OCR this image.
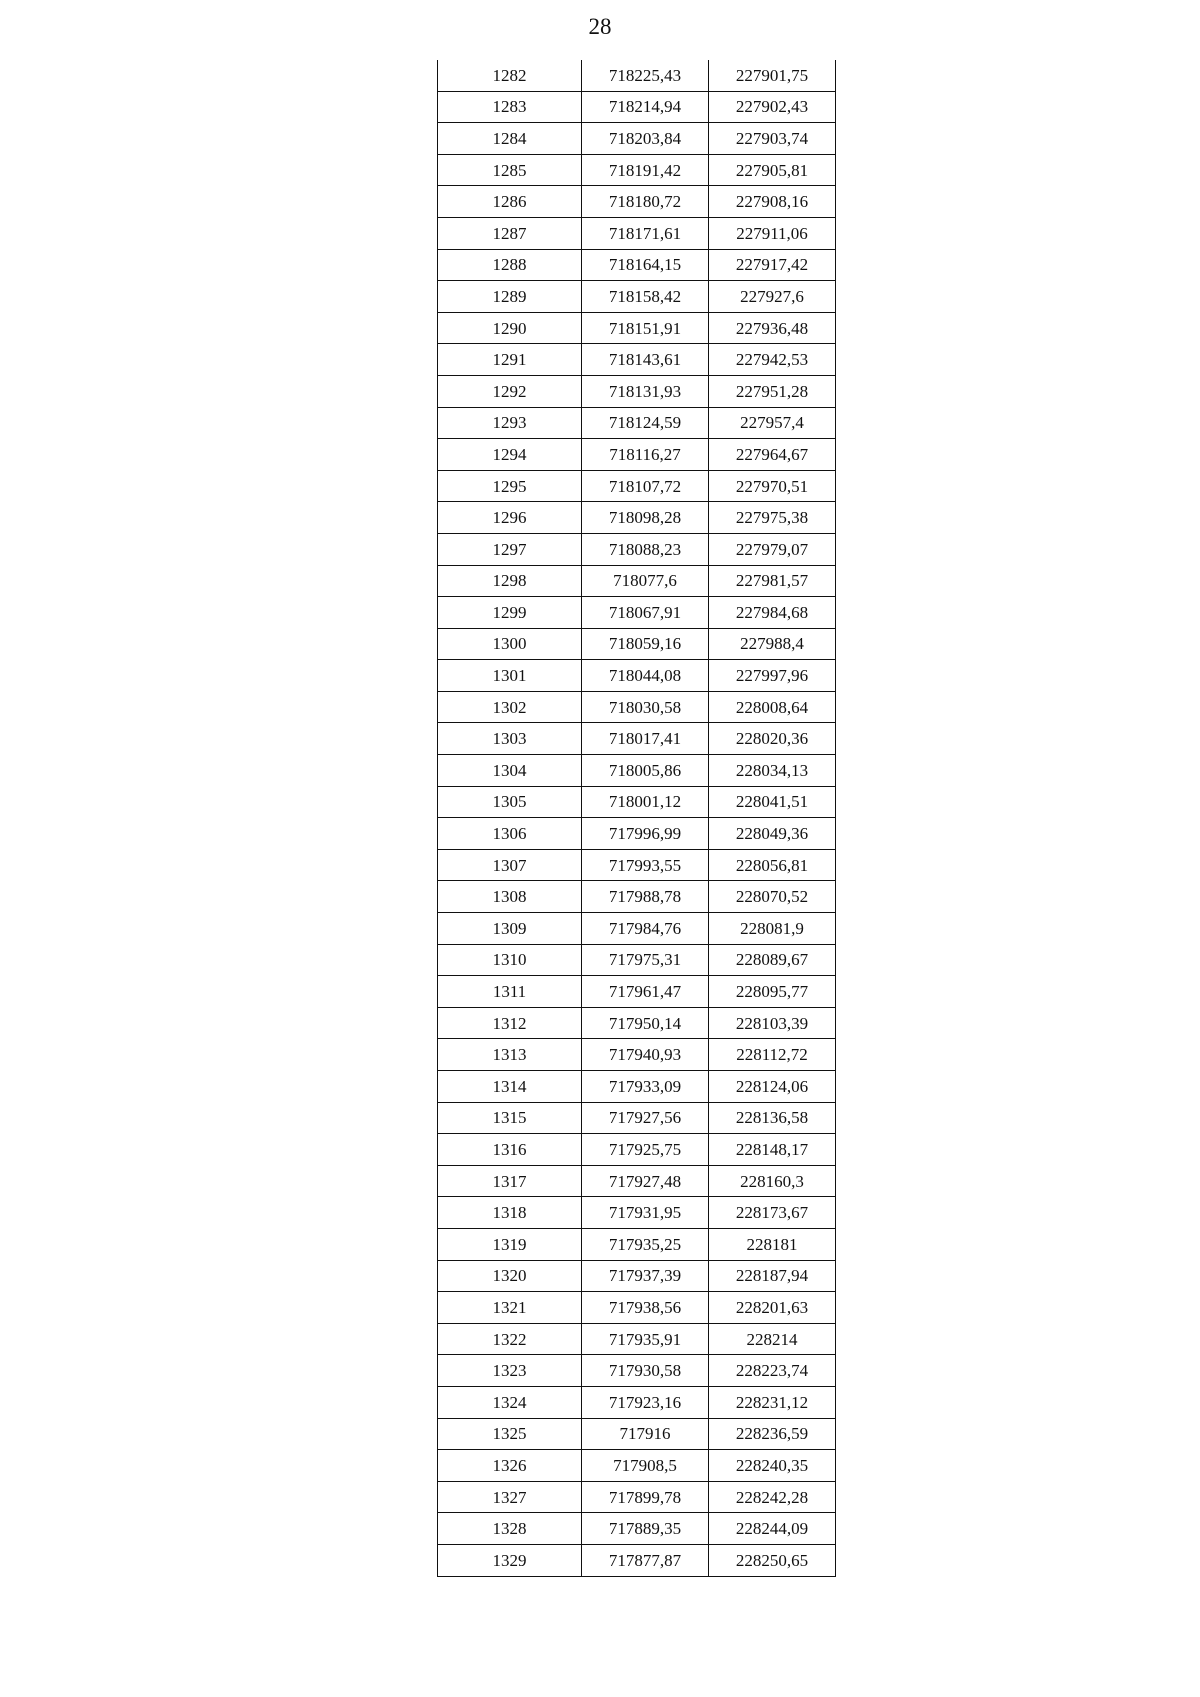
28
1282	718225,43	227901,75
1283	718214,94	227902,43
1284	718203,84	227903,74
1285	718191,42	227905,81
1286	718180,72	227908,16
1287	718171,61	227911,06
1288	718164,15	227917,42
1289	718158,42	227927,6
1290	718151,91	227936,48
1291	718143,61	227942,53
1292	718131,93	227951,28
1293	718124,59	227957,4
1294	718116,27	227964,67
1295	718107,72	227970,51
1296	718098,28	227975,38
1297	718088,23	227979,07
1298	718077,6	227981,57
1299	718067,91	227984,68
1300	718059,16	227988,4
1301	718044,08	227997,96
1302	718030,58	228008,64
1303	718017,41	228020,36
1304	718005,86	228034,13
1305	718001,12	228041,51
1306	717996,99	228049,36
1307	717993,55	228056,81
1308	717988,78	228070,52
1309	717984,76	228081,9
1310	717975,31	228089,67
1311	717961,47	228095,77
1312	717950,14	228103,39
1313	717940,93	228112,72
1314	717933,09	228124,06
1315	717927,56	228136,58
1316	717925,75	228148,17
1317	717927,48	228160,3
1318	717931,95	228173,67
1319	717935,25	228181
1320	717937,39	228187,94
1321	717938,56	228201,63
1322	717935,91	228214
1323	717930,58	228223,74
1324	717923,16	228231,12
1325	717916	228236,59
1326	717908,5	228240,35
1327	717899,78	228242,28
1328	717889,35	228244,09
1329	717877,87	228250,65
